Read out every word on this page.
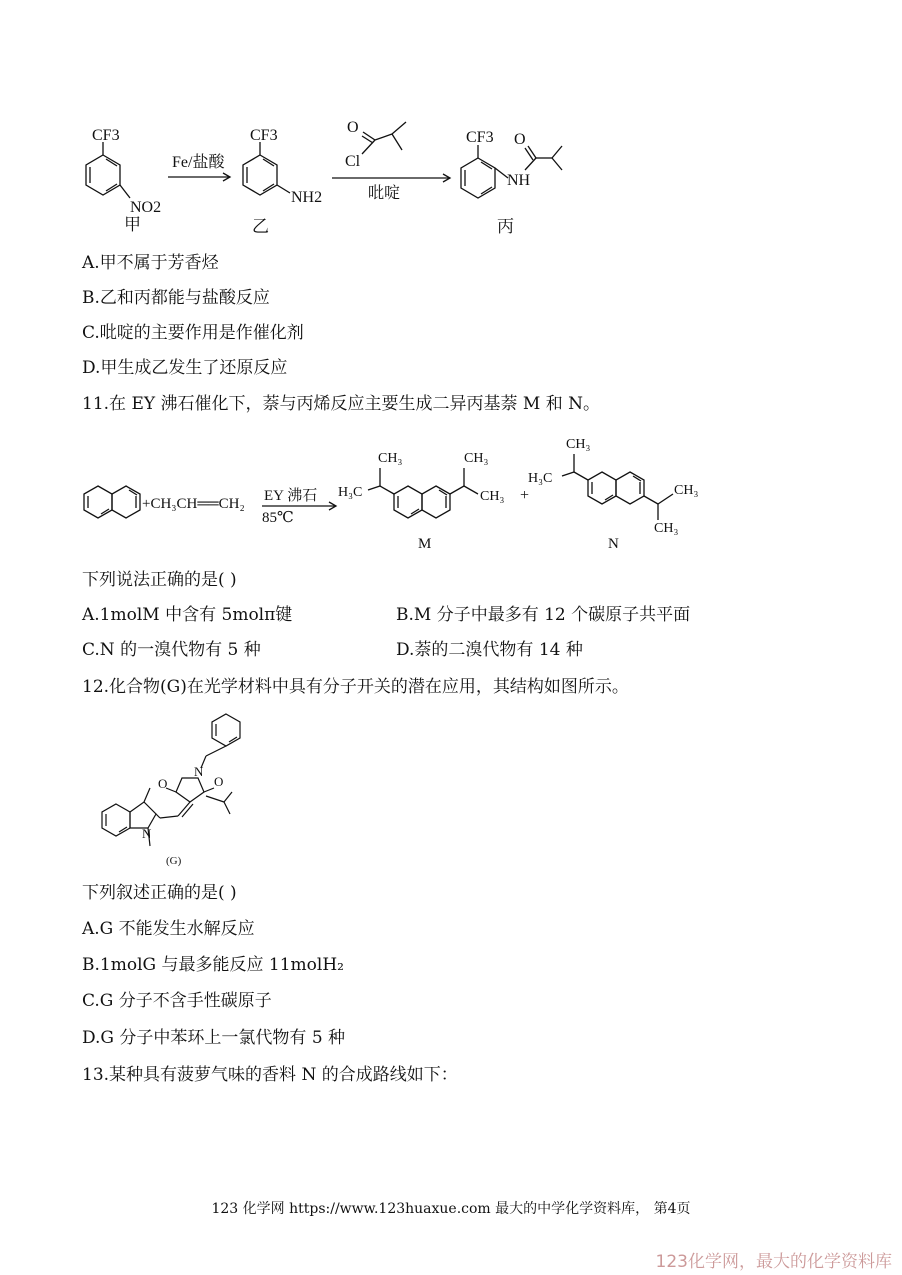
CF3
NO2
甲
Fe/盐酸
CF3
NH2
乙
O
Cl
吡啶
CF3 O
NH
丙
A.甲不属于芳香烃
B.乙和丙都能与盐酸反应
C.吡啶的主要作用是作催化剂
D.甲生成乙发生了还原反应
11.在 EY 沸石催化下，萘与丙烯反应主要生成二异丙基萘 M 和 N。
+CH₃CH══CH₂ EY 沸石
85℃
CH₃
H₃C
CH₃
CH₃
M
+
CH₃
H₃C
CH₃
CH₃
N
下列说法正确的是( )
A.1molM 中含有 5molπ键	B.M 分子中最多有 12 个碳原子共平面
C.N 的一溴代物有 5 种	D.萘的二溴代物有 14 种
12.化合物(G)在光学材料中具有分子开关的潜在应用，其结构如图所示。
O
N
O
N
(G)
下列叙述正确的是( )
A.G 不能发生水解反应
B.1molG 与最多能反应 11molH₂
C.G 分子不含手性碳原子
D.G 分子中苯环上一氯代物有 5 种
13.某种具有菠萝气味的香料 N 的合成路线如下：
123 化学网 https://www.123huaxue.com 最大的中学化学资料库， 第4页
123化学网，最大的化学资料库
